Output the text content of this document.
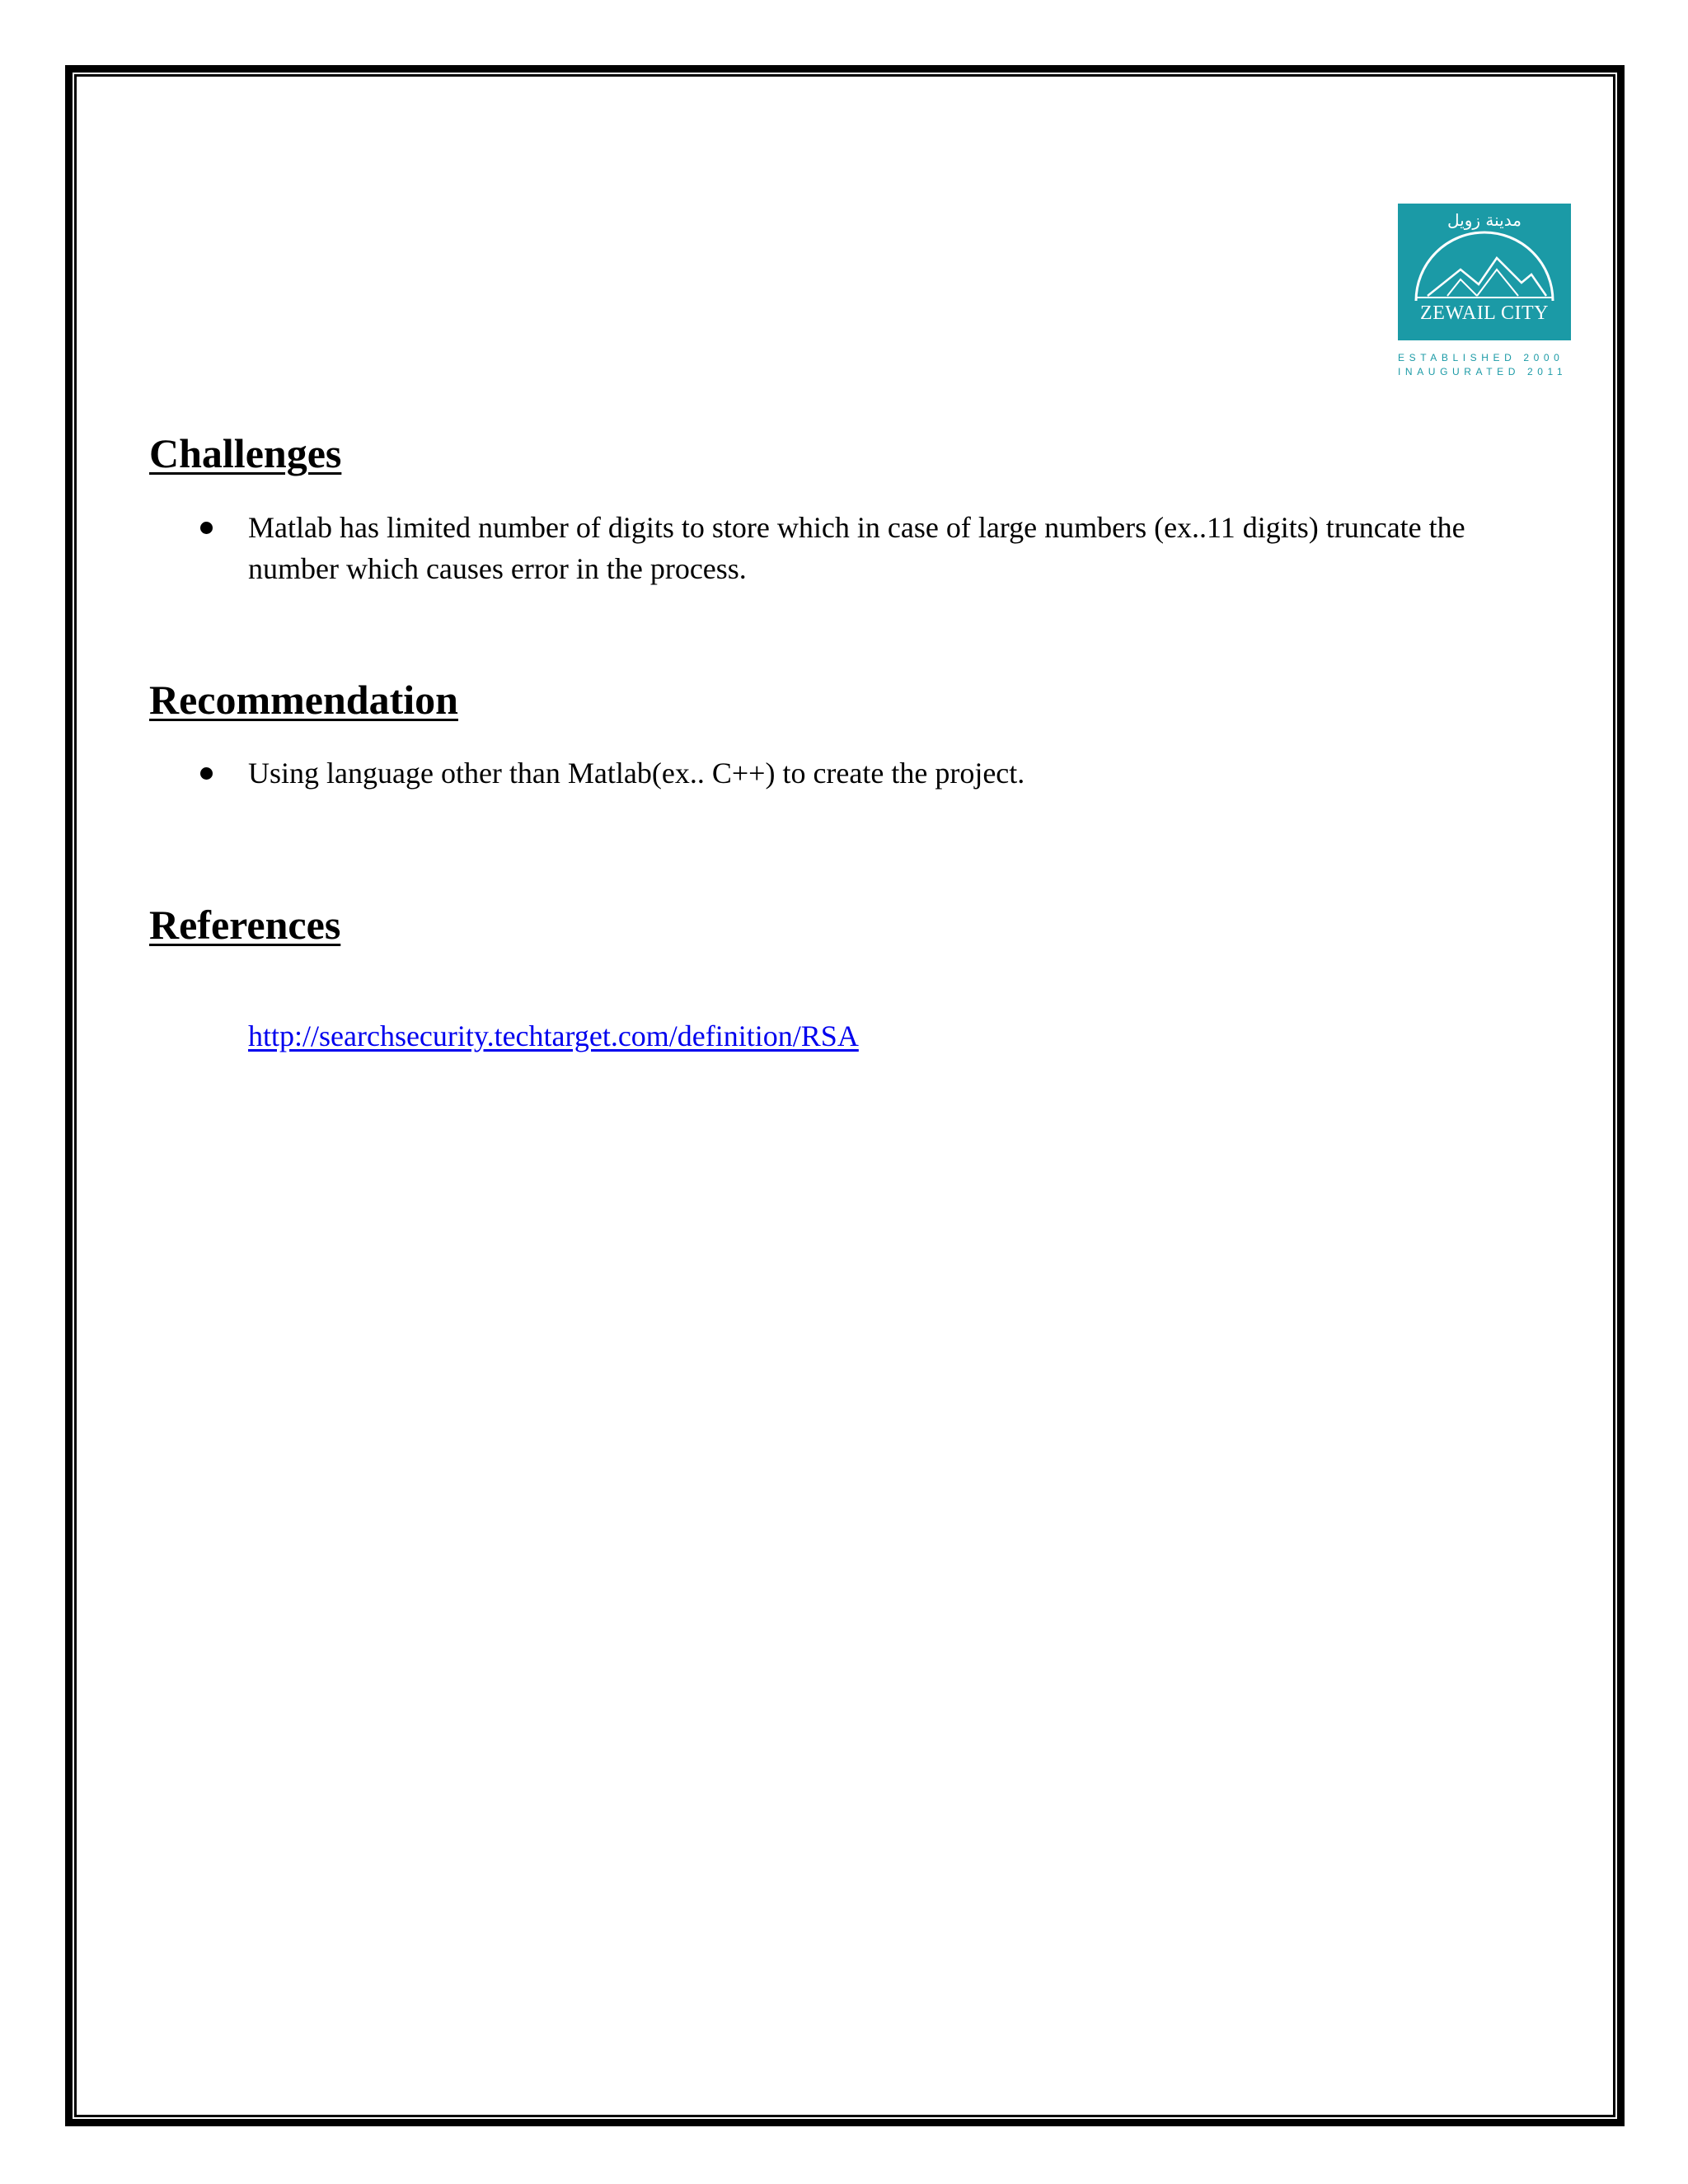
مدينة زويل
ZEWAIL CITY
ESTABLISHED 2000
INAUGURATED 2011
Challenges
Matlab has limited number of digits to store which in case of large numbers (ex..11 digits) truncate the number which causes error in the process.
Recommendation
Using language other than Matlab(ex.. C++) to create the project.
References
http://searchsecurity.techtarget.com/definition/RSA
